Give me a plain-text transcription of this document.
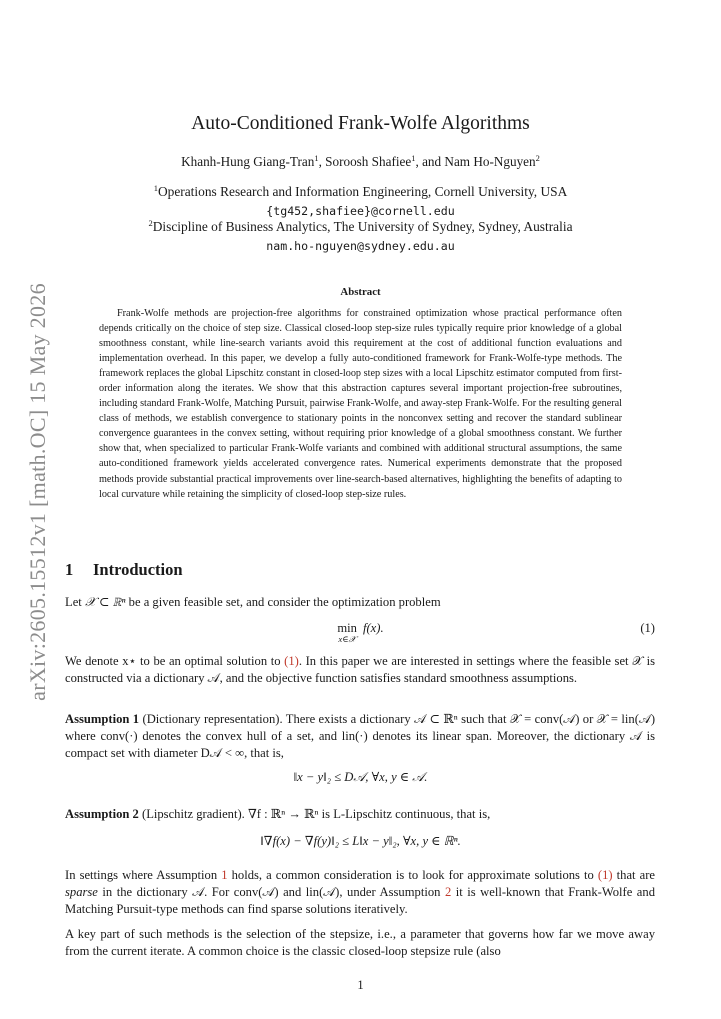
arXiv:2605.15512v1 [math.OC] 15 May 2026
Auto-Conditioned Frank-Wolfe Algorithms
Khanh-Hung Giang-Tran$^1$, Soroosh Shafiee$^1$, and Nam Ho-Nguyen$^2$
$^1$Operations Research and Information Engineering, Cornell University, USA
{tg452,shafiee}@cornell.edu
$^2$Discipline of Business Analytics, The University of Sydney, Sydney, Australia
nam.ho-nguyen@sydney.edu.au
Abstract

Frank-Wolfe methods are projection-free algorithms for constrained optimization whose practical performance often depends critically on the choice of step size. Classical closed-loop step-size rules typically require prior knowledge of a global smoothness constant, while line-search variants avoid this requirement at the cost of additional function evaluations and implementation overhead. In this paper, we develop a fully auto-conditioned framework for Frank-Wolfe-type methods. The framework replaces the global Lipschitz constant in closed-loop step sizes with a local Lipschitz estimator computed from first-order information along the iterates. We show that this abstraction captures several important projection-free subroutines, including standard Frank-Wolfe, Matching Pursuit, pairwise Frank-Wolfe, and away-step Frank-Wolfe. For the resulting general class of methods, we establish convergence to stationary points in the nonconvex setting and recover the standard sublinear convergence guarantees in the convex setting, without requiring prior knowledge of a global smoothness constant. We further show that, when specialized to particular Frank-Wolfe variants and combined with additional structural assumptions, the same auto-conditioned framework yields accelerated convergence rates. Numerical experiments demonstrate that the proposed methods provide substantial practical improvements over line-search-based alternatives, highlighting the benefits of adapting to local curvature while retaining the simplicity of closed-loop step-size rules.

1 Introduction

Let 𝒳 ⊂ ℝⁿ be a given feasible set, and consider the optimization problem

min
x∈𝒳
f(x).	(1)

We denote x⋆ to be an optimal solution to (1). In this paper we are interested in settings where the feasible set 𝒳 is constructed via a dictionary 𝒜, and the objective function satisfies standard smoothness assumptions.

Assumption 1 (Dictionary representation). There exists a dictionary 𝒜 ⊂ ℝⁿ such that 𝒳 = conv(𝒜) or 𝒳 = lin(𝒜) where conv(·) denotes the convex hull of a set, and lin(·) denotes its linear span. Moreover, the dictionary 𝒜 is compact set with diameter D𝒜 < ∞, that is,

‖x − y‖₂ ≤ D𝒜, ∀x, y ∈ 𝒜.

Assumption 2 (Lipschitz gradient). ∇f : ℝⁿ → ℝⁿ is L-Lipschitz continuous, that is,

‖∇f(x) − ∇f(y)‖₂ ≤ L‖x − y‖₂, ∀x, y ∈ ℝⁿ.

In settings where Assumption 1 holds, a common consideration is to look for approximate solutions to (1) that are sparse in the dictionary 𝒜. For conv(𝒜) and lin(𝒜), under Assumption 2 it is well-known that Frank-Wolfe and Matching Pursuit-type methods can find sparse solutions iteratively.

A key part of such methods is the selection of the stepsize, i.e., a parameter that governs how far we move away from the current iterate. A common choice is the classic closed-loop stepsize rule (also

1
